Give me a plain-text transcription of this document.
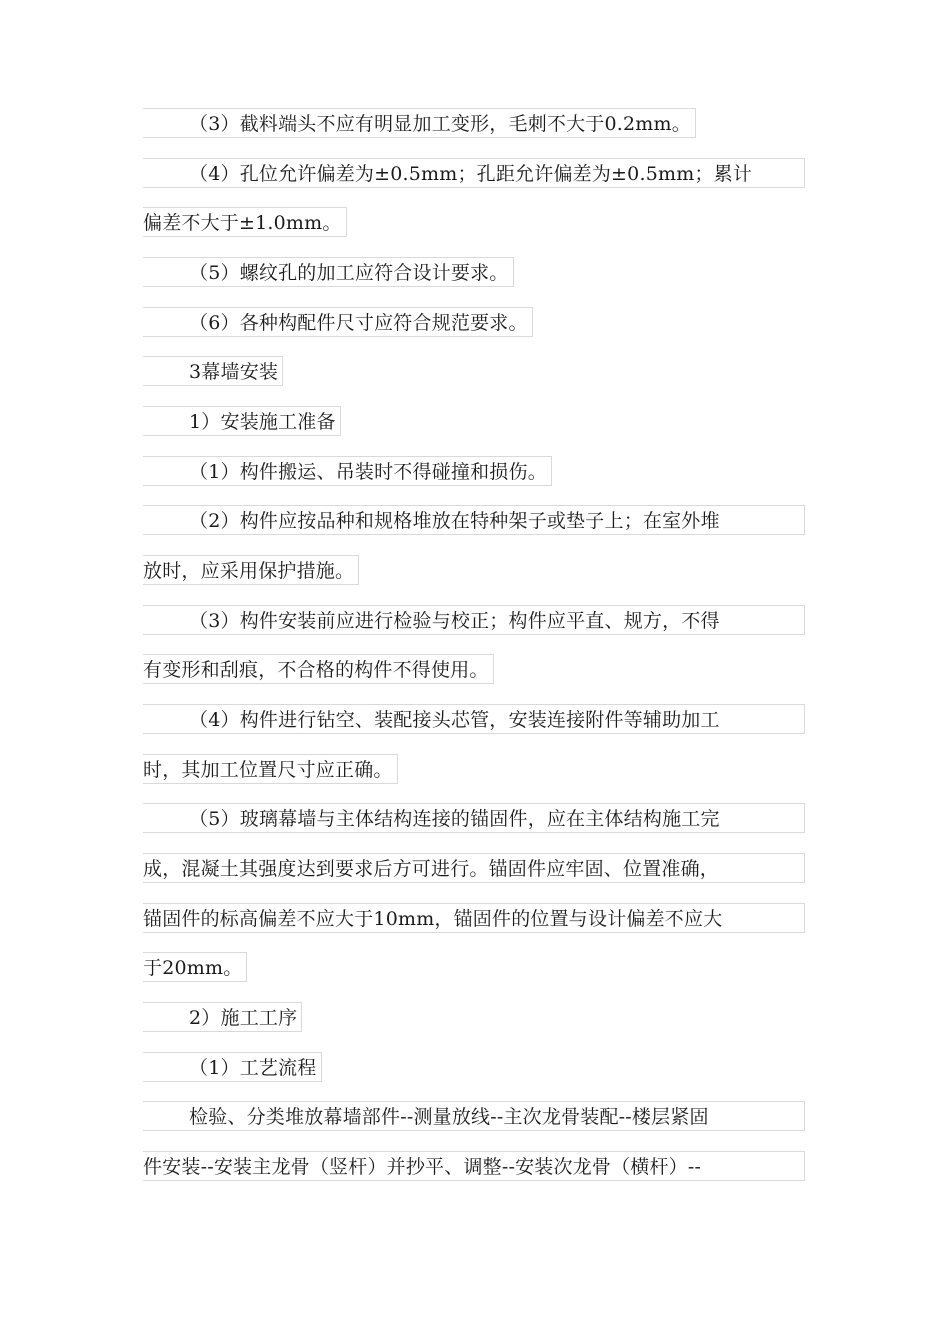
（3）截料端头不应有明显加工变形，毛刺不大于0.2mm。
（4）孔位允许偏差为±0.5mm；孔距允许偏差为±0.5mm；累计
偏差不大于±1.0mm。
（5）螺纹孔的加工应符合设计要求。
（6）各种构配件尺寸应符合规范要求。
3幕墙安装
1）安装施工准备
（1）构件搬运、吊装时不得碰撞和损伤。
（2）构件应按品种和规格堆放在特种架子或垫子上；在室外堆
放时，应采用保护措施。
（3）构件安装前应进行检验与校正；构件应平直、规方，不得
有变形和刮痕，不合格的构件不得使用。
（4）构件进行钻空、装配接头芯管，安装连接附件等辅助加工
时，其加工位置尺寸应正确。
（5）玻璃幕墙与主体结构连接的锚固件，应在主体结构施工完
成，混凝土其强度达到要求后方可进行。锚固件应牢固、位置准确，
锚固件的标高偏差不应大于10mm，锚固件的位置与设计偏差不应大
于20mm。
2）施工工序
（1）工艺流程
检验、分类堆放幕墙部件--测量放线--主次龙骨装配--楼层紧固
件安装--安装主龙骨（竖杆）并抄平、调整--安装次龙骨（横杆）--
